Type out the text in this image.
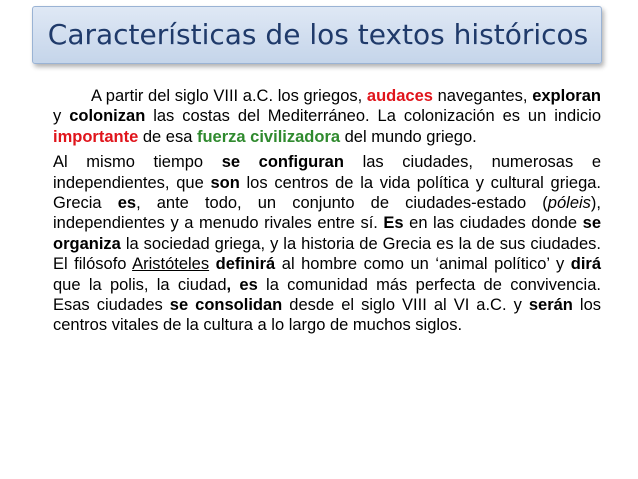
Características de los textos históricos

A partir del siglo VIII a.C. los griegos, audaces navegantes, exploran y colonizan las costas del Mediterráneo. La colonización es un indicio importante de esa fuerza civilizadora del mundo griego.

Al mismo tiempo se configuran las ciudades, numerosas e independientes, que son los centros de la vida política y cultural griega. Grecia es, ante todo, un conjunto de ciudades-estado (póleis), independientes y a menudo rivales entre sí. Es en las ciudades donde se organiza la sociedad griega, y la historia de Grecia es la de sus ciudades. El filósofo Aristóteles definirá al hombre como un ‘animal político’ y dirá que la polis, la ciudad, es la comunidad más perfecta de convivencia. Esas ciudades se consolidan desde el siglo VIII al VI a.C. y serán los centros vitales de la cultura a lo largo de muchos siglos.
